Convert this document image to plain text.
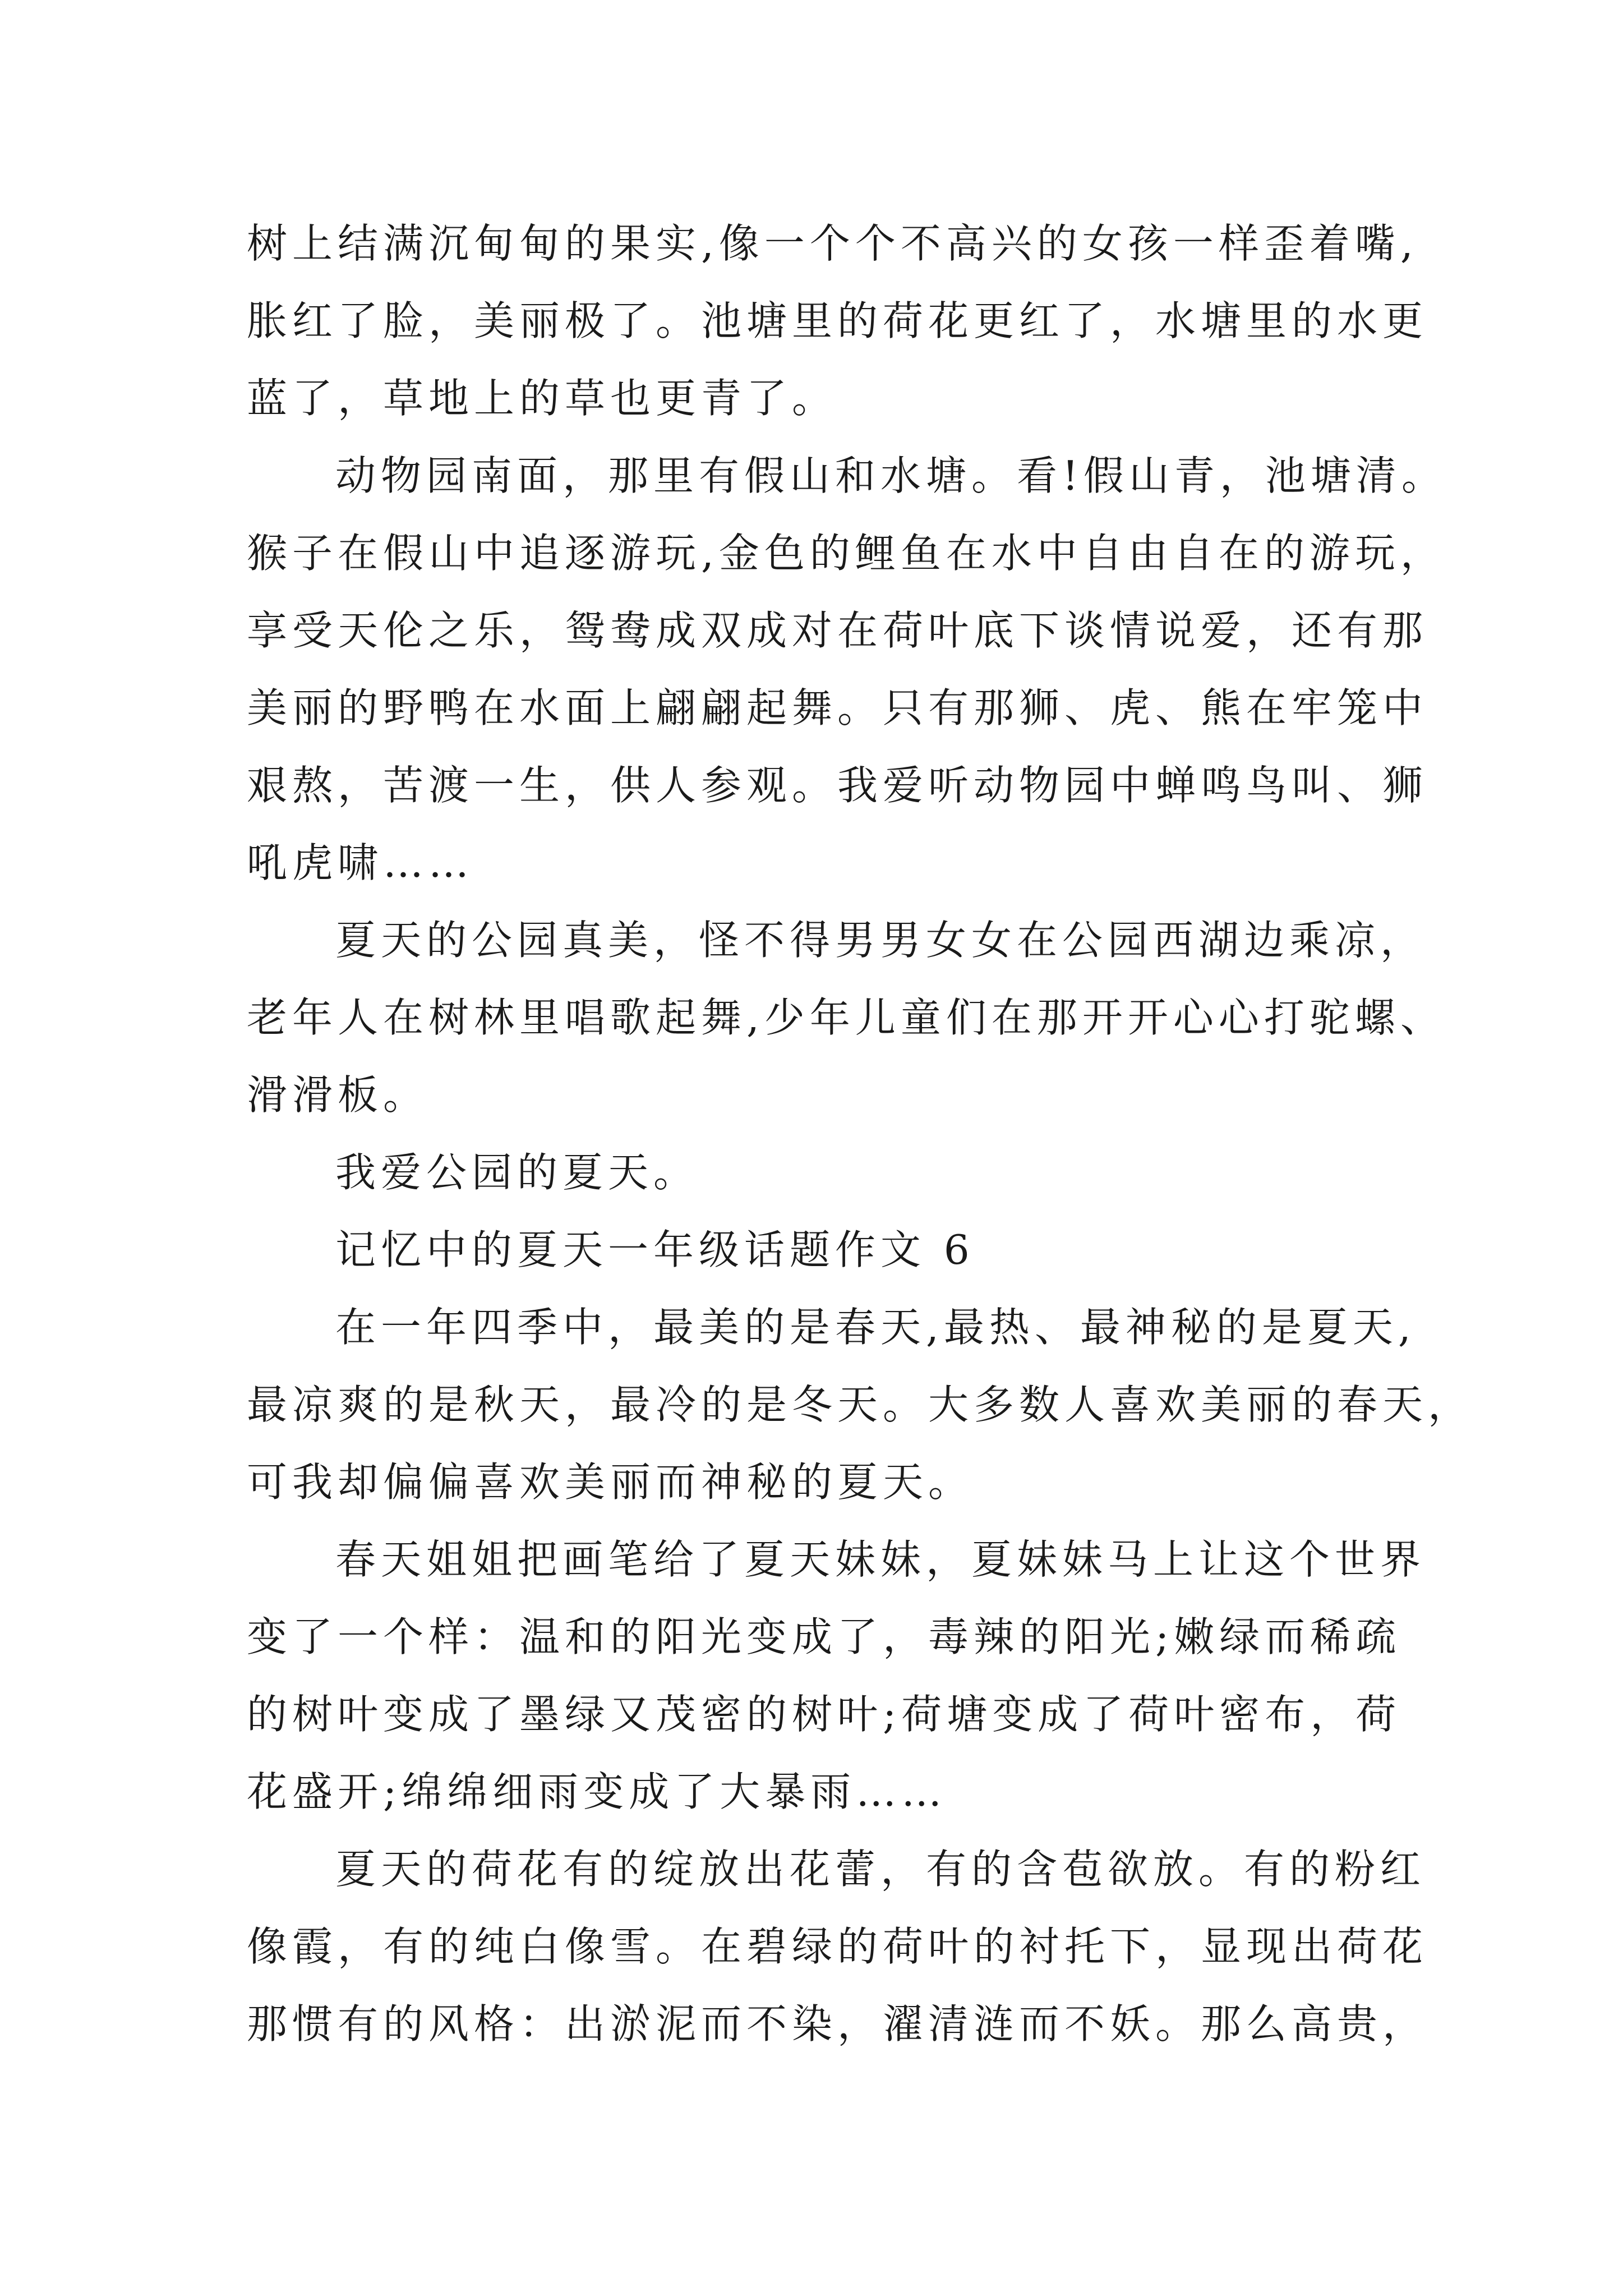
树上结满沉甸甸的果实,像一个个不高兴的女孩一样歪着嘴,
胀红了脸，美丽极了。池塘里的荷花更红了，水塘里的水更
蓝了，草地上的草也更青了。
动物园南面，那里有假山和水塘。看!假山青，池塘清。
猴子在假山中追逐游玩,金色的鲤鱼在水中自由自在的游玩，
享受天伦之乐，鸳鸯成双成对在荷叶底下谈情说爱，还有那
美丽的野鸭在水面上翩翩起舞。只有那狮、虎、熊在牢笼中
艰熬，苦渡一生，供人参观。我爱听动物园中蝉鸣鸟叫、狮
吼虎啸……
夏天的公园真美，怪不得男男女女在公园西湖边乘凉，
老年人在树林里唱歌起舞,少年儿童们在那开开心心打驼螺、
滑滑板。
我爱公园的夏天。
记忆中的夏天一年级话题作文 6
在一年四季中，最美的是春天,最热、最神秘的是夏天,
最凉爽的是秋天，最冷的是冬天。大多数人喜欢美丽的春天，
可我却偏偏喜欢美丽而神秘的夏天。
春天姐姐把画笔给了夏天妹妹，夏妹妹马上让这个世界
变了一个样：温和的阳光变成了，毒辣的阳光;嫩绿而稀疏
的树叶变成了墨绿又茂密的树叶;荷塘变成了荷叶密布，荷
花盛开;绵绵细雨变成了大暴雨……
夏天的荷花有的绽放出花蕾，有的含苞欲放。有的粉红
像霞，有的纯白像雪。在碧绿的荷叶的衬托下，显现出荷花
那惯有的风格：出淤泥而不染，濯清涟而不妖。那么高贵，
